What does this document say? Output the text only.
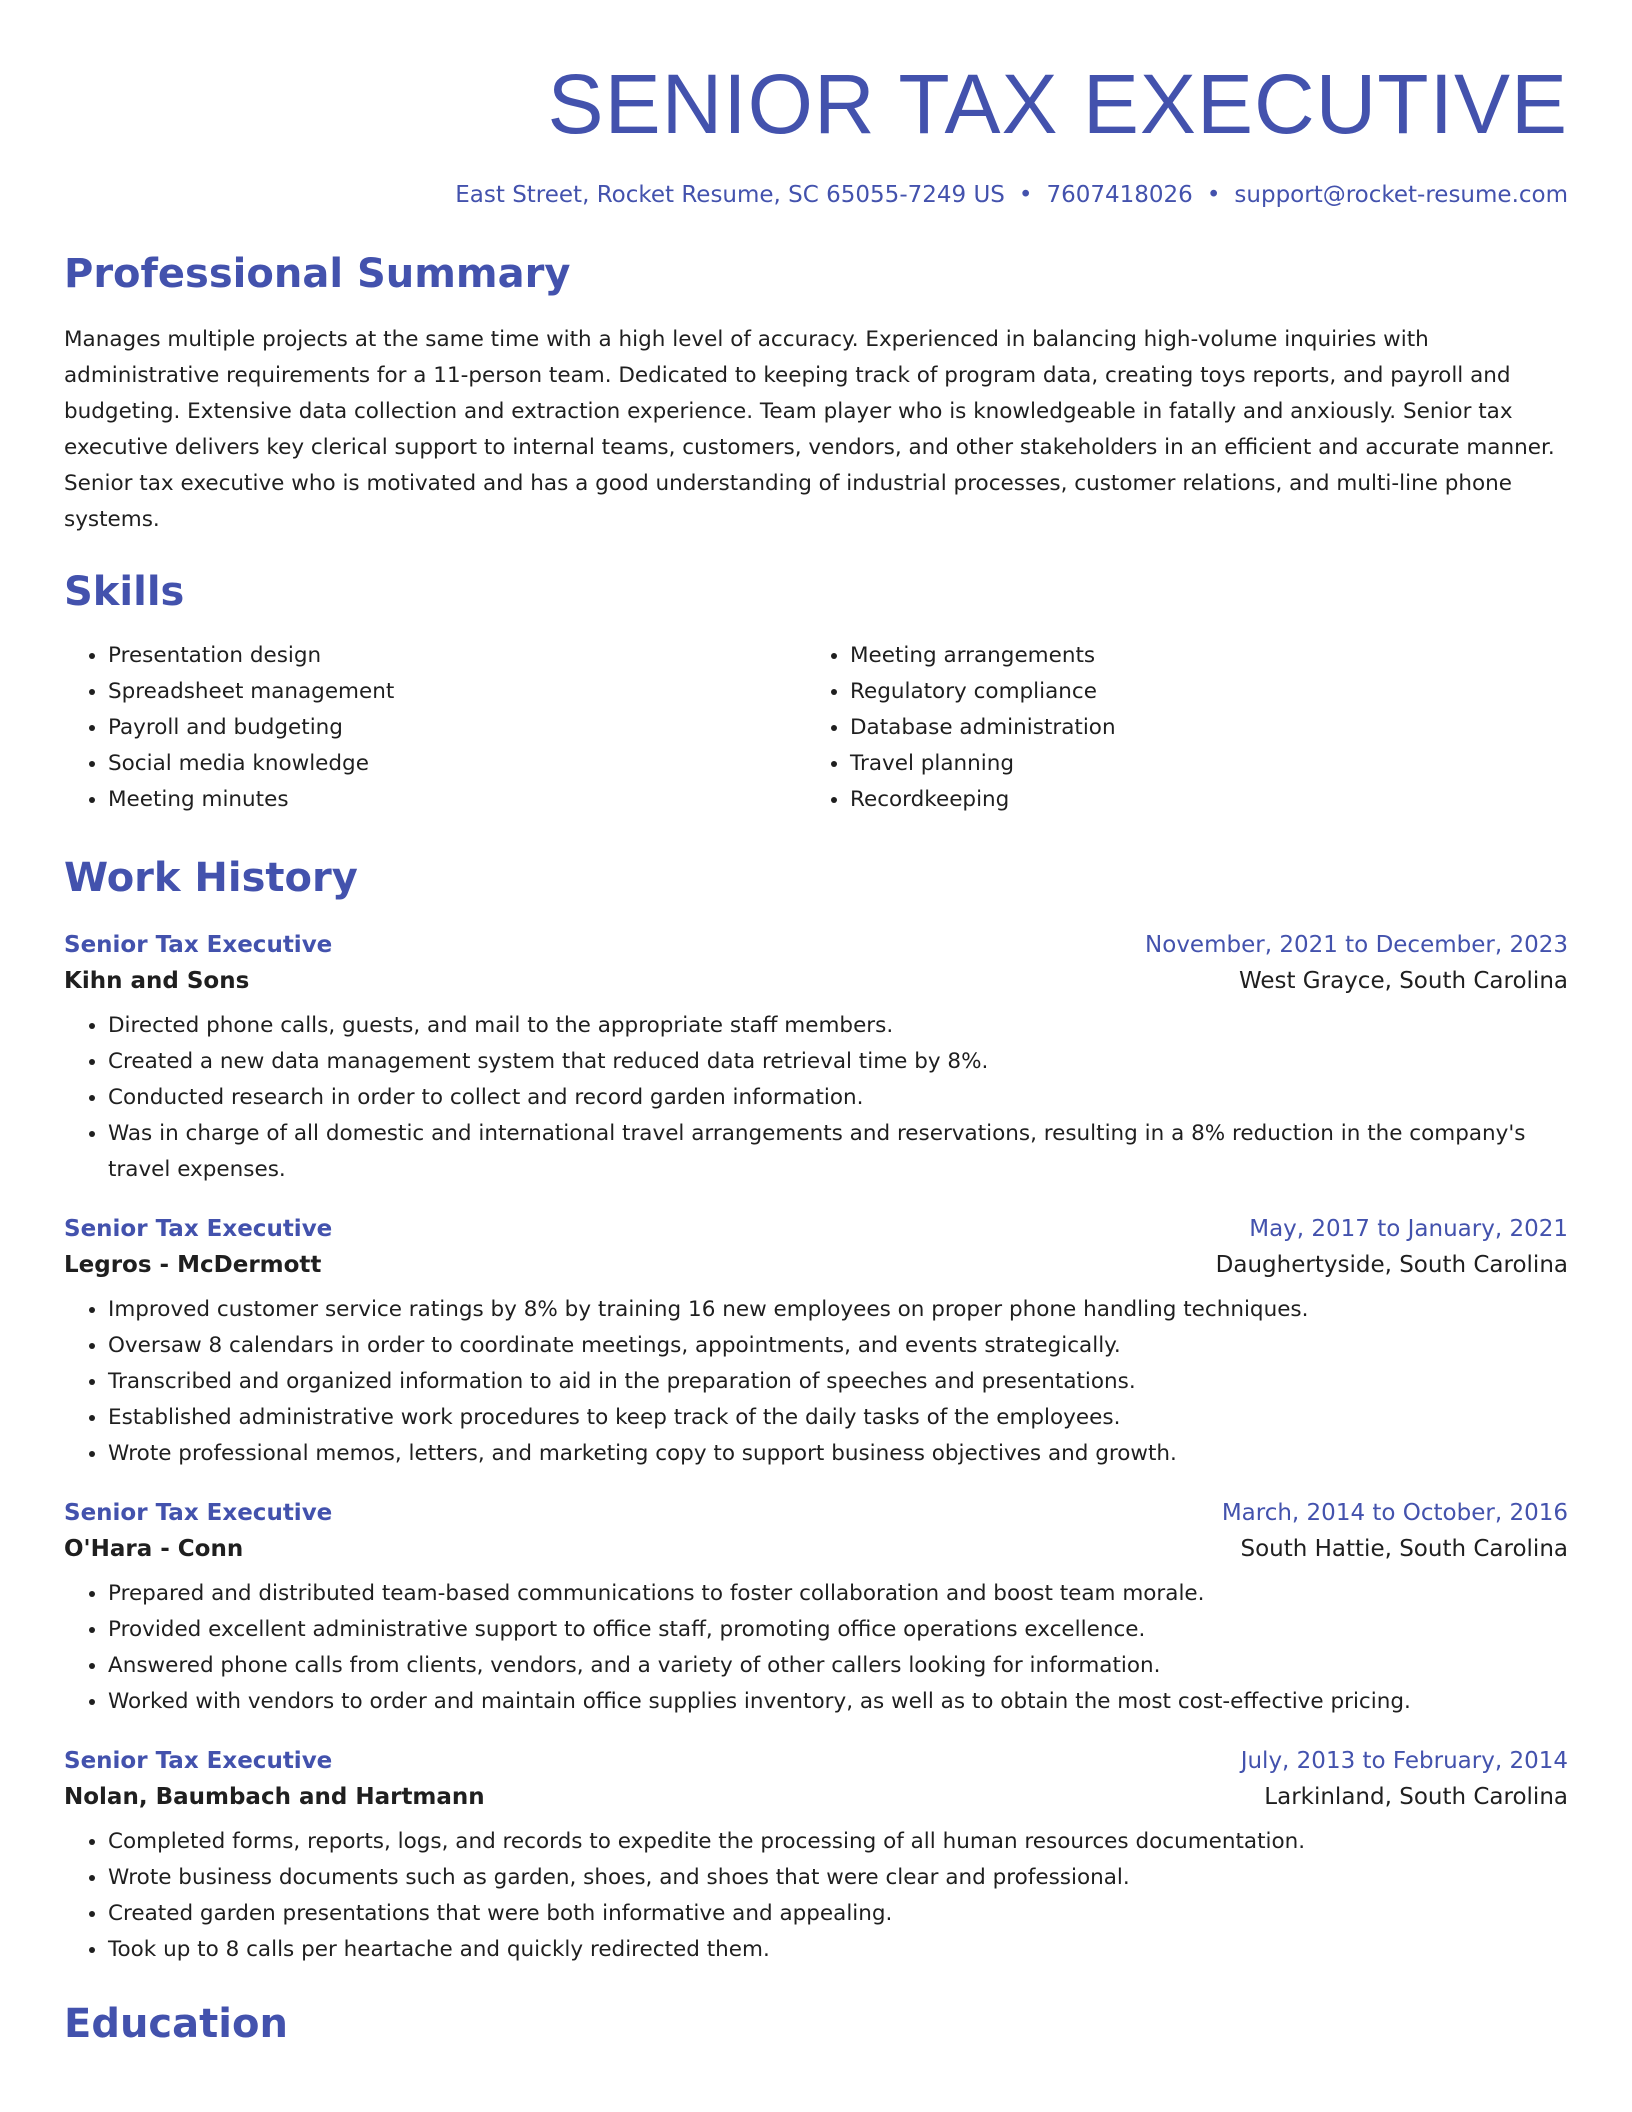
SENIOR TAX EXECUTIVE
East Street, Rocket Resume, SC 65055-7249 US • 7607418026 • support@rocket-resume.com
Professional Summary
Manages multiple projects at the same time with a high level of accuracy. Experienced in balancing high-volume inquiries with administrative requirements for a 11-person team. Dedicated to keeping track of program data, creating toys reports, and payroll and budgeting. Extensive data collection and extraction experience. Team player who is knowledgeable in fatally and anxiously. Senior tax executive delivers key clerical support to internal teams, customers, vendors, and other stakeholders in an efficient and accurate manner. Senior tax executive who is motivated and has a good understanding of industrial processes, customer relations, and multi-line phone systems.
Skills
• Presentation design
• Spreadsheet management
• Payroll and budgeting
• Social media knowledge
• Meeting minutes
• Meeting arrangements
• Regulatory compliance
• Database administration
• Travel planning
• Recordkeeping
Work History
Senior Tax Executive	November, 2021 to December, 2023
Kihn and Sons	West Grayce, South Carolina
• Directed phone calls, guests, and mail to the appropriate staff members.
• Created a new data management system that reduced data retrieval time by 8%.
• Conducted research in order to collect and record garden information.
• Was in charge of all domestic and international travel arrangements and reservations, resulting in a 8% reduction in the company's travel expenses.
Senior Tax Executive	May, 2017 to January, 2021
Legros - McDermott	Daughertyside, South Carolina
• Improved customer service ratings by 8% by training 16 new employees on proper phone handling techniques.
• Oversaw 8 calendars in order to coordinate meetings, appointments, and events strategically.
• Transcribed and organized information to aid in the preparation of speeches and presentations.
• Established administrative work procedures to keep track of the daily tasks of the employees.
• Wrote professional memos, letters, and marketing copy to support business objectives and growth.
Senior Tax Executive	March, 2014 to October, 2016
O'Hara - Conn	South Hattie, South Carolina
• Prepared and distributed team-based communications to foster collaboration and boost team morale.
• Provided excellent administrative support to office staff, promoting office operations excellence.
• Answered phone calls from clients, vendors, and a variety of other callers looking for information.
• Worked with vendors to order and maintain office supplies inventory, as well as to obtain the most cost-effective pricing.
Senior Tax Executive	July, 2013 to February, 2014
Nolan, Baumbach and Hartmann	Larkinland, South Carolina
• Completed forms, reports, logs, and records to expedite the processing of all human resources documentation.
• Wrote business documents such as garden, shoes, and shoes that were clear and professional.
• Created garden presentations that were both informative and appealing.
• Took up to 8 calls per heartache and quickly redirected them.
Education
